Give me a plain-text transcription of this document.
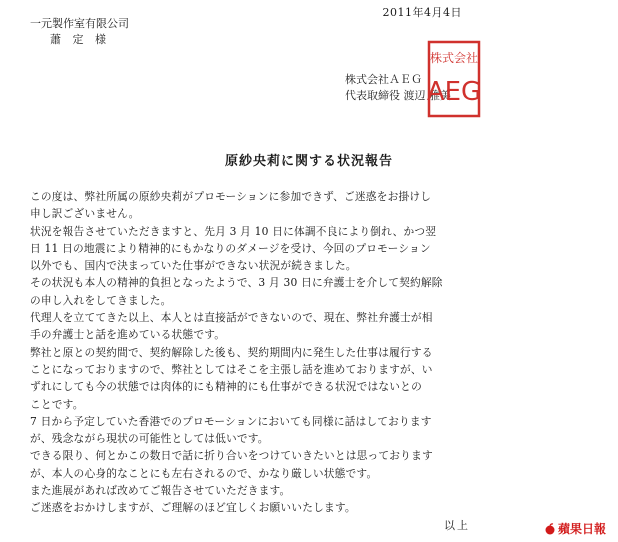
2011年4月4日
一元製作室有限公司
蕭 定 様
株式会社ＡＥＧ
代表取締役 渡辺 雅美
株式会社
AEG
原紗央莉に関する状況報告

この度は、弊社所属の原紗央莉がプロモーションに参加できず、ご迷惑をお掛けし

申し訳ございません。

状況を報告させていただきますと、先月 3 月 10 日に体調不良により倒れ、かつ翌

日 11 日の地震により精神的にもかなりのダメージを受け、今回のプロモーション

以外でも、国内で決まっていた仕事ができない状況が続きました。

その状況も本人の精神的負担となったようで、3 月 30 日に弁護士を介して契約解除

の申し入れをしてきました。

代理人を立ててきた以上、本人とは直接話ができないので、現在、弊社弁護士が相

手の弁護士と話を進めている状態です。

弊社と原との契約間で、契約解除した後も、契約期間内に発生した仕事は履行する

ことになっておりますので、弊社としてはそこを主張し話を進めておりますが、い

ずれにしても今の状態では肉体的にも精神的にも仕事ができる状況ではないとの

ことです。

7 日から予定していた香港でのプロモーションにおいても同様に話はしております

が、残念ながら現状の可能性としては低いです。

できる限り、何とかこの数日で話に折り合いをつけていきたいとは思っております

が、本人の心身的なことにも左右されるので、かなり厳しい状態です。

また進展があれば改めてご報告させていただきます。

ご迷惑をおかけしますが、ご理解のほど宜しくお願いいたします。

以上	蘋果日報
